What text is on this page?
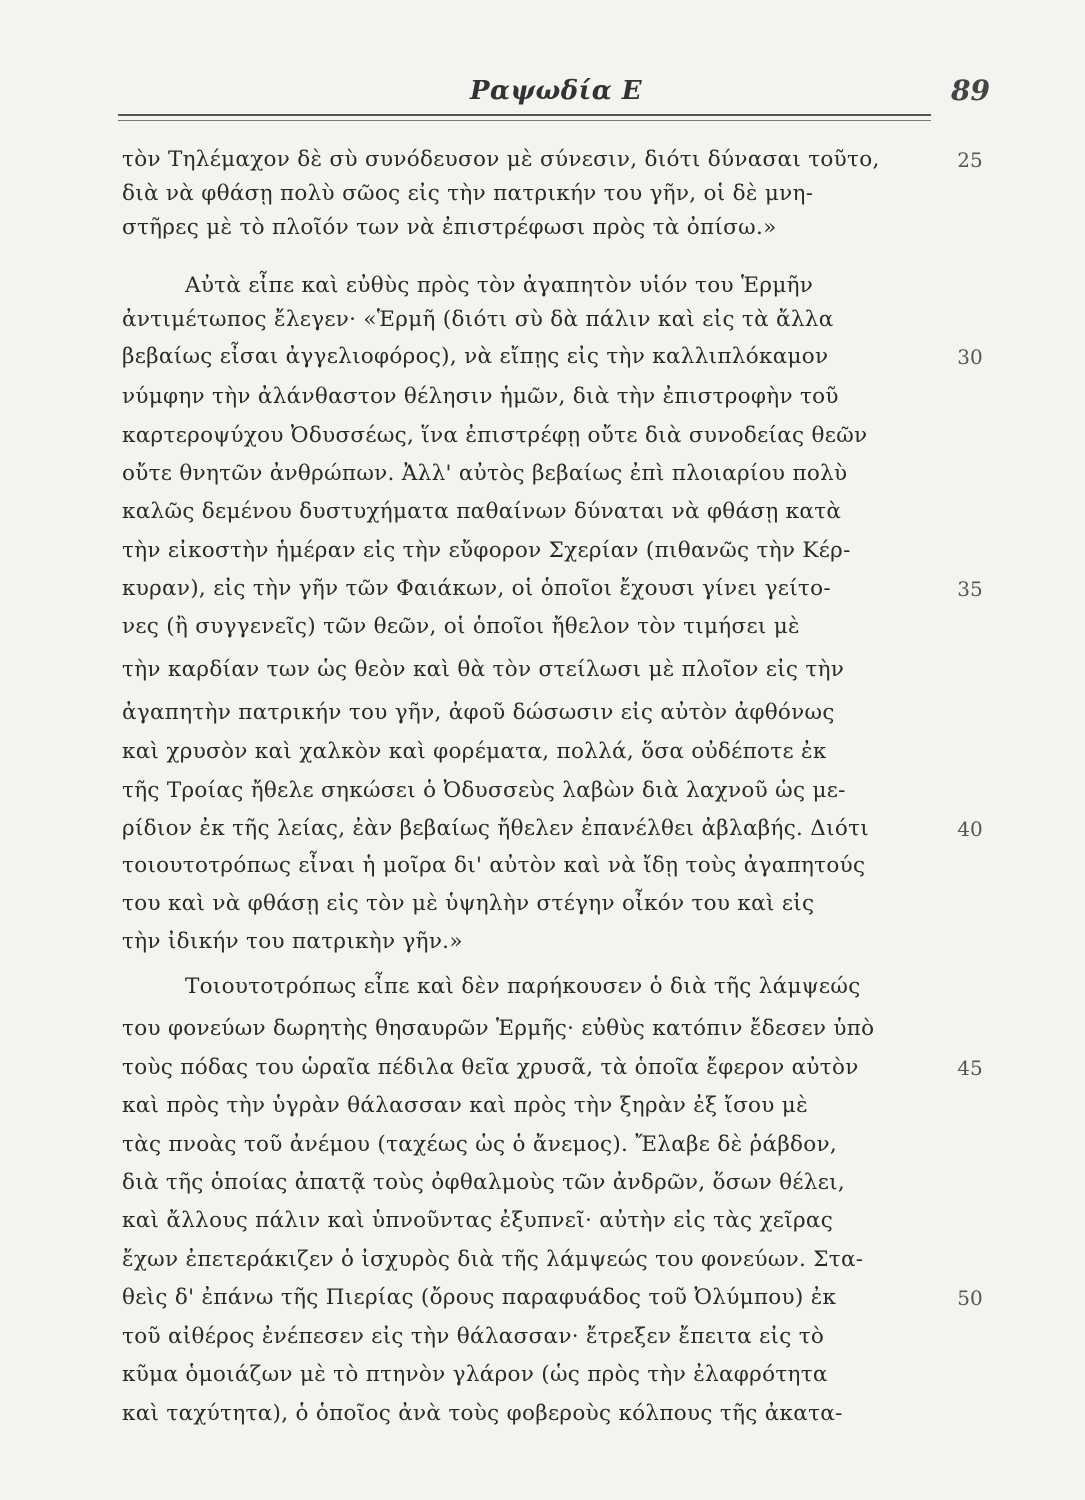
Ραψωδία Ε	89
τὸν Τηλέμαχον δὲ σὺ συνόδευσον μὲ σύνεσιν, διότι δύνασαι τοῦτο,
διὰ νὰ φθάσῃ πολὺ σῶος εἰς τὴν πατρικήν του γῆν, οἱ δὲ μνη-
στῆρες μὲ τὸ πλοῖόν των νὰ ἐπιστρέφωσι πρὸς τὰ ὀπίσω.»
Αὐτὰ εἶπε καὶ εὐθὺς πρὸς τὸν ἀγαπητὸν υἱόν του Ἑρμῆν
ἀντιμέτωπος ἔλεγεν· «Ἑρμῆ (διότι σὺ δὰ πάλιν καὶ εἰς τὰ ἄλλα
βεβαίως εἶσαι ἀγγελιοφόρος), νὰ εἴπῃς εἰς τὴν καλλιπλόκαμον
νύμφην τὴν ἀλάνθαστον θέλησιν ἡμῶν, διὰ τὴν ἐπιστροφὴν τοῦ
καρτεροψύχου Ὀδυσσέως, ἵνα ἐπιστρέφῃ οὔτε διὰ συνοδείας θεῶν
οὔτε θνητῶν ἀνθρώπων. Ἀλλ' αὐτὸς βεβαίως ἐπὶ πλοιαρίου πολὺ
καλῶς δεμένου δυστυχήματα παθαίνων δύναται νὰ φθάσῃ κατὰ
τὴν εἰκοστὴν ἡμέραν εἰς τὴν εὔφορον Σχερίαν (πιθανῶς τὴν Κέρ-
κυραν), εἰς τὴν γῆν τῶν Φαιάκων, οἱ ὁποῖοι ἔχουσι γίνει γείτο-
νες (ἢ συγγενεῖς) τῶν θεῶν, οἱ ὁποῖοι ἤθελον τὸν τιμήσει μὲ
τὴν καρδίαν των ὡς θεὸν καὶ θὰ τὸν στείλωσι μὲ πλοῖον εἰς τὴν
ἀγαπητὴν πατρικήν του γῆν, ἀφοῦ δώσωσιν εἰς αὐτὸν ἀφθόνως
καὶ χρυσὸν καὶ χαλκὸν καὶ φορέματα, πολλά, ὅσα οὐδέποτε ἐκ
τῆς Τροίας ἤθελε σηκώσει ὁ Ὀδυσσεὺς λαβὼν διὰ λαχνοῦ ὡς με-
ρίδιον ἐκ τῆς λείας, ἐὰν βεβαίως ἤθελεν ἐπανέλθει ἀβλαβής. Διότι
τοιουτοτρόπως εἶναι ἡ μοῖρα δι' αὐτὸν καὶ νὰ ἴδῃ τοὺς ἀγαπητούς
του καὶ νὰ φθάσῃ εἰς τὸν μὲ ὑψηλὴν στέγην οἶκόν του καὶ εἰς
τὴν ἰδικήν του πατρικὴν γῆν.»
Τοιουτοτρόπως εἶπε καὶ δὲν παρήκουσεν ὁ διὰ τῆς λάμψεώς
του φονεύων δωρητὴς θησαυρῶν Ἑρμῆς· εὐθὺς κατόπιν ἔδεσεν ὑπὸ
τοὺς πόδας του ὡραῖα πέδιλα θεῖα χρυσᾶ, τὰ ὁποῖα ἔφερον αὐτὸν
καὶ πρὸς τὴν ὑγρὰν θάλασσαν καὶ πρὸς τὴν ξηρὰν ἐξ ἴσου μὲ
τὰς πνοὰς τοῦ ἀνέμου (ταχέως ὡς ὁ ἄνεμος). Ἔλαβε δὲ ῥάβδον,
διὰ τῆς ὁποίας ἀπατᾷ τοὺς ὀφθαλμοὺς τῶν ἀνδρῶν, ὅσων θέλει,
καὶ ἄλλους πάλιν καὶ ὑπνοῦντας ἐξυπνεῖ· αὐτὴν εἰς τὰς χεῖρας
ἔχων ἐπετεράκιζεν ὁ ἰσχυρὸς διὰ τῆς λάμψεώς του φονεύων. Στα-
θεὶς δ' ἐπάνω τῆς Πιερίας (ὄρους παραφυάδος τοῦ Ὀλύμπου) ἐκ
τοῦ αἰθέρος ἐνέπεσεν εἰς τὴν θάλασσαν· ἔτρεξεν ἔπειτα εἰς τὸ
κῦμα ὁμοιάζων μὲ τὸ πτηνὸν γλάρον (ὡς πρὸς τὴν ἐλαφρότητα
καὶ ταχύτητα), ὁ ὁποῖος ἀνὰ τοὺς φοβεροὺς κόλπους τῆς ἀκατα-
25
30
35
40
45
50
